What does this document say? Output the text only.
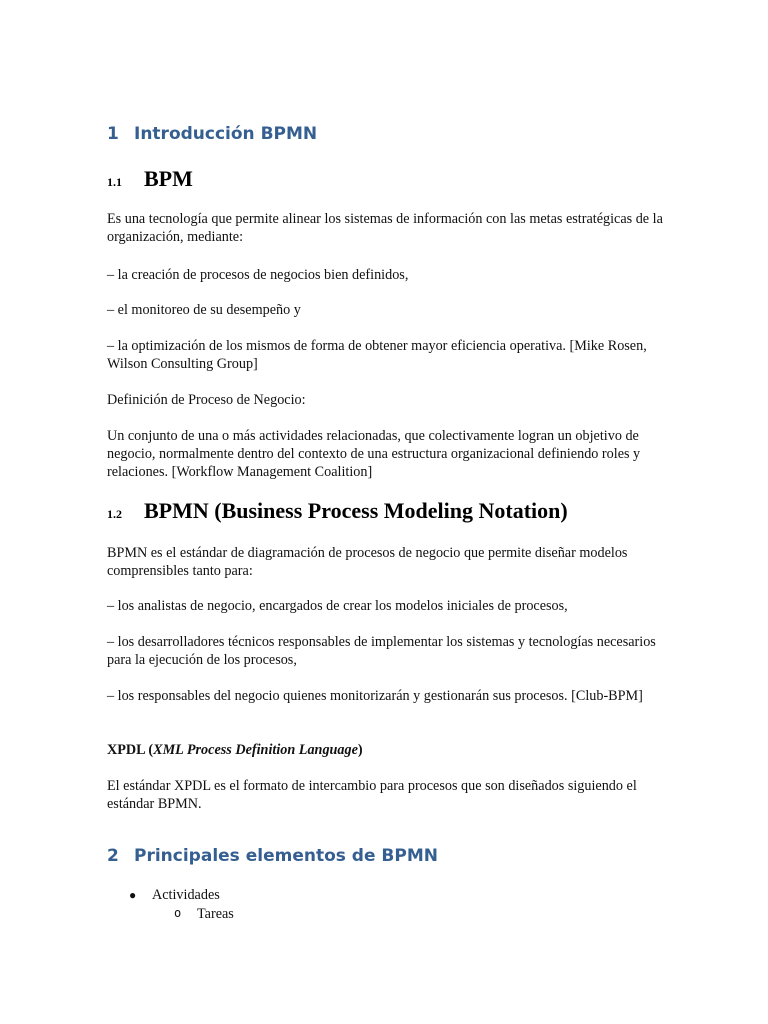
1 Introducción BPMN
1.1 BPM

Es una tecnología que permite alinear los sistemas de información con las metas estratégicas de la organización, mediante:

– la creación de procesos de negocios bien definidos,

– el monitoreo de su desempeño y

– la optimización de los mismos de forma de obtener mayor eficiencia operativa. [Mike Rosen, Wilson Consulting Group]

Definición de Proceso de Negocio:

Un conjunto de una o más actividades relacionadas, que colectivamente logran un objetivo de negocio, normalmente dentro del contexto de una estructura organizacional definiendo roles y relaciones. [Workflow Management Coalition]

1.2 BPMN (Business Process Modeling Notation)

BPMN es el estándar de diagramación de procesos de negocio que permite diseñar modelos comprensibles tanto para:

– los analistas de negocio, encargados de crear los modelos iniciales de procesos,

– los desarrolladores técnicos responsables de implementar los sistemas y tecnologías necesarios para la ejecución de los procesos,

– los responsables del negocio quienes monitorizarán y gestionarán sus procesos. [Club-BPM]

XPDL (XML Process Definition Language)

El estándar XPDL es el formato de intercambio para procesos que son diseñados siguiendo el estándar BPMN.

2 Principales elementos de BPMN
● Actividades
o Tareas
